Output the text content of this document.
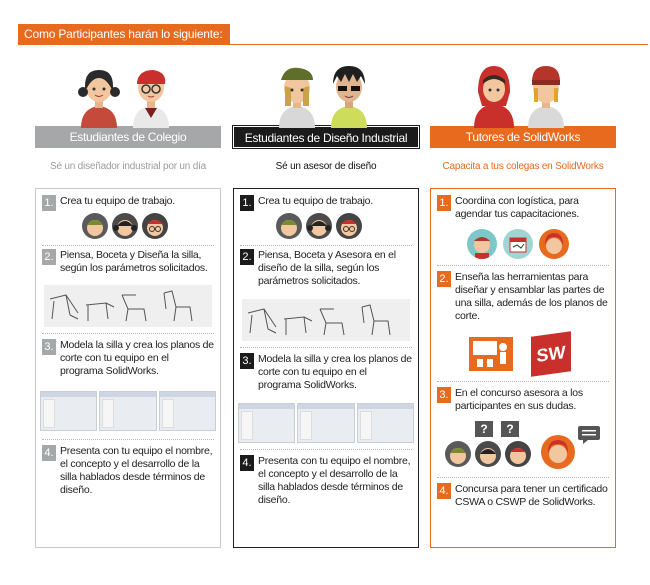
Como Participantes harán lo siguiente:
Estudiantes de Colegio
Sé un diseñador industrial por un día
1. Crea tu equipo de trabajo.
2. Piensa, Boceta y Diseña la silla, según los parámetros solicitados.
3. Modela la silla y crea los planos de corte con tu equipo en el programa SolidWorks.
4. Presenta con tu equipo el nombre, el concepto y el desarrollo de la silla hablados desde términos de diseño.
Estudiantes de Diseño Industrial
Sé un asesor de diseño
1. Crea tu equipo de trabajo.
2. Piensa, Boceta y Asesora en el diseño de la silla, según los parámetros solicitados.
3. Modela la silla y crea los planos de corte con tu equipo en el programa SolidWorks.
4. Presenta con tu equipo el nombre, el concepto y el desarrollo de la silla hablados desde términos de diseño.
Tutores de SolidWorks
Capacita a tus colegas en SolidWorks
1. Coordina con logística, para agendar tus capacitaciones.
2. Enseña las herramientas para diseñar y ensamblar las partes de una silla, además de los planos de corte.
SW
3. En el concurso asesora a los participantes en sus dudas.
?	?
4. Concursa para tener un certificado CSWA o CSWP de SolidWorks.
